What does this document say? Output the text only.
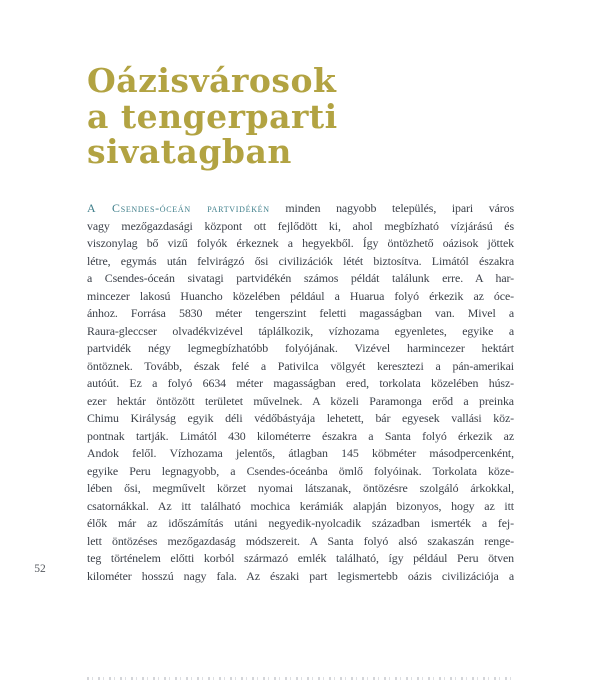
52
Oázisvárosok
a tengerparti
sivatagban
A Csendes-óceán partvidékén minden nagyobb település, ipari város
vagy mezőgazdasági központ ott fejlődött ki, ahol megbízható vízjárású és
viszonylag bő vizű folyók érkeznek a hegyekből. Így öntözhető oázisok jöttek
létre, egymás után felvirágzó ősi civilizációk létét biztosítva. Limától északra
a Csendes-óceán sivatagi partvidékén számos példát találunk erre. A har-
mincezer lakosú Huancho közelében például a Huarua folyó érkezik az óce-
ánhoz. Forrása 5830 méter tengerszint feletti magasságban van. Mivel a
Raura-gleccser olvadékvizével táplálkozik, vízhozama egyenletes, egyike a
partvidék négy legmegbízhatóbb folyójának. Vizével harmincezer hektárt
öntöznek. Tovább, észak felé a Pativilca völgyét keresztezi a pán-amerikai
autóút. Ez a folyó 6634 méter magasságban ered, torkolata közelében húsz-
ezer hektár öntözött területet művelnek. A közeli Paramonga erőd a preinka
Chimu Királyság egyik déli védőbástyája lehetett, bár egyesek vallási köz-
pontnak tartják. Limától 430 kilométerre északra a Santa folyó érkezik az
Andok felől. Vízhozama jelentős, átlagban 145 köbméter másodpercenként,
egyike Peru legnagyobb, a Csendes-óceánba ömlő folyóinak. Torkolata köze-
lében ősi, megművelt körzet nyomai látszanak, öntözésre szolgáló árkokkal,
csatornákkal. Az itt található mochica kerámiák alapján bizonyos, hogy az itt
élők már az időszámítás utáni negyedik-nyolcadik században ismerték a fej-
lett öntözéses mezőgazdaság módszereit. A Santa folyó alsó szakaszán renge-
teg történelem előtti korból származó emlék található, így például Peru ötven
kilométer hosszú nagy fala. Az északi part legismertebb oázis civilizációja a
